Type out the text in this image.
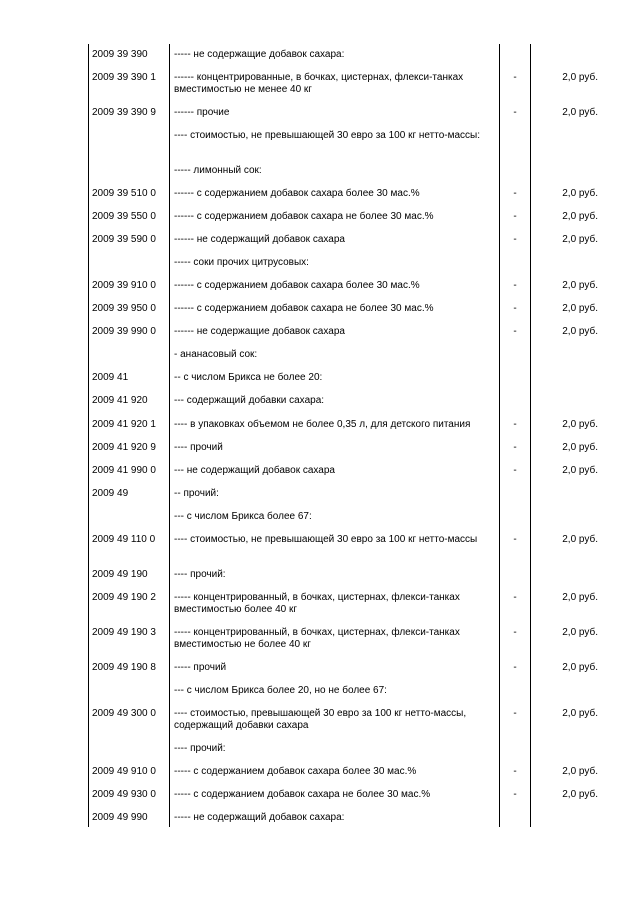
2009 39 390	----- не содержащие добавок сахара:		

2009 39 390 1	------ концентрированные, в бочках, цистернах, флекси-танках вместимостью не менее 40 кг	-	2,0 руб.

2009 39 390 9	------ прочие	-	2,0 руб.

	---- стоимостью, не превышающей 30 евро за 100 кг нетто-массы:		

	----- лимонный сок:		

2009 39 510 0	------ с содержанием добавок сахара более 30 мас.%	-	2,0 руб.

2009 39 550 0	------ с содержанием добавок сахара не более 30 мас.%	-	2,0 руб.

2009 39 590 0	------ не содержащий добавок сахара	-	2,0 руб.

	----- соки прочих цитрусовых:		

2009 39 910 0	------ с содержанием добавок сахара более 30 мас.%	-	2,0 руб.

2009 39 950 0	------ с содержанием добавок сахара не более 30 мас.%	-	2,0 руб.

2009 39 990 0	------ не содержащие добавок сахара	-	2,0 руб.

	- ананасовый сок:		

2009 41	-- с числом Брикса не более 20:		

2009 41 920	--- содержащий добавки сахара:		

2009 41 920 1	---- в упаковках объемом не более 0,35 л, для детского питания	-	2,0 руб.

2009 41 920 9	---- прочий	-	2,0 руб.

2009 41 990 0	--- не содержащий добавок сахара	-	2,0 руб.

2009 49	-- прочий:		

	--- с числом Брикса более 67:		

2009 49 110 0	---- стоимостью, не превышающей 30 евро за 100 кг нетто-массы	-	2,0 руб.

2009 49 190	---- прочий:		

2009 49 190 2	----- концентрированный, в бочках, цистернах, флекси-танках вместимостью более 40 кг	-	2,0 руб.

2009 49 190 3	----- концентрированный, в бочках, цистернах, флекси-танках вместимостью не более 40 кг	-	2,0 руб.

2009 49 190 8	----- прочий	-	2,0 руб.

	--- с числом Брикса более 20, но не более 67:		

2009 49 300 0	---- стоимостью, превышающей 30 евро за 100 кг нетто-массы, содержащий добавки сахара	-	2,0 руб.

	---- прочий:		

2009 49 910 0	----- с содержанием добавок сахара более 30 мас.%	-	2,0 руб.

2009 49 930 0	----- с содержанием добавок сахара не более 30 мас.%	-	2,0 руб.

2009 49 990	----- не содержащий добавок сахара:		
